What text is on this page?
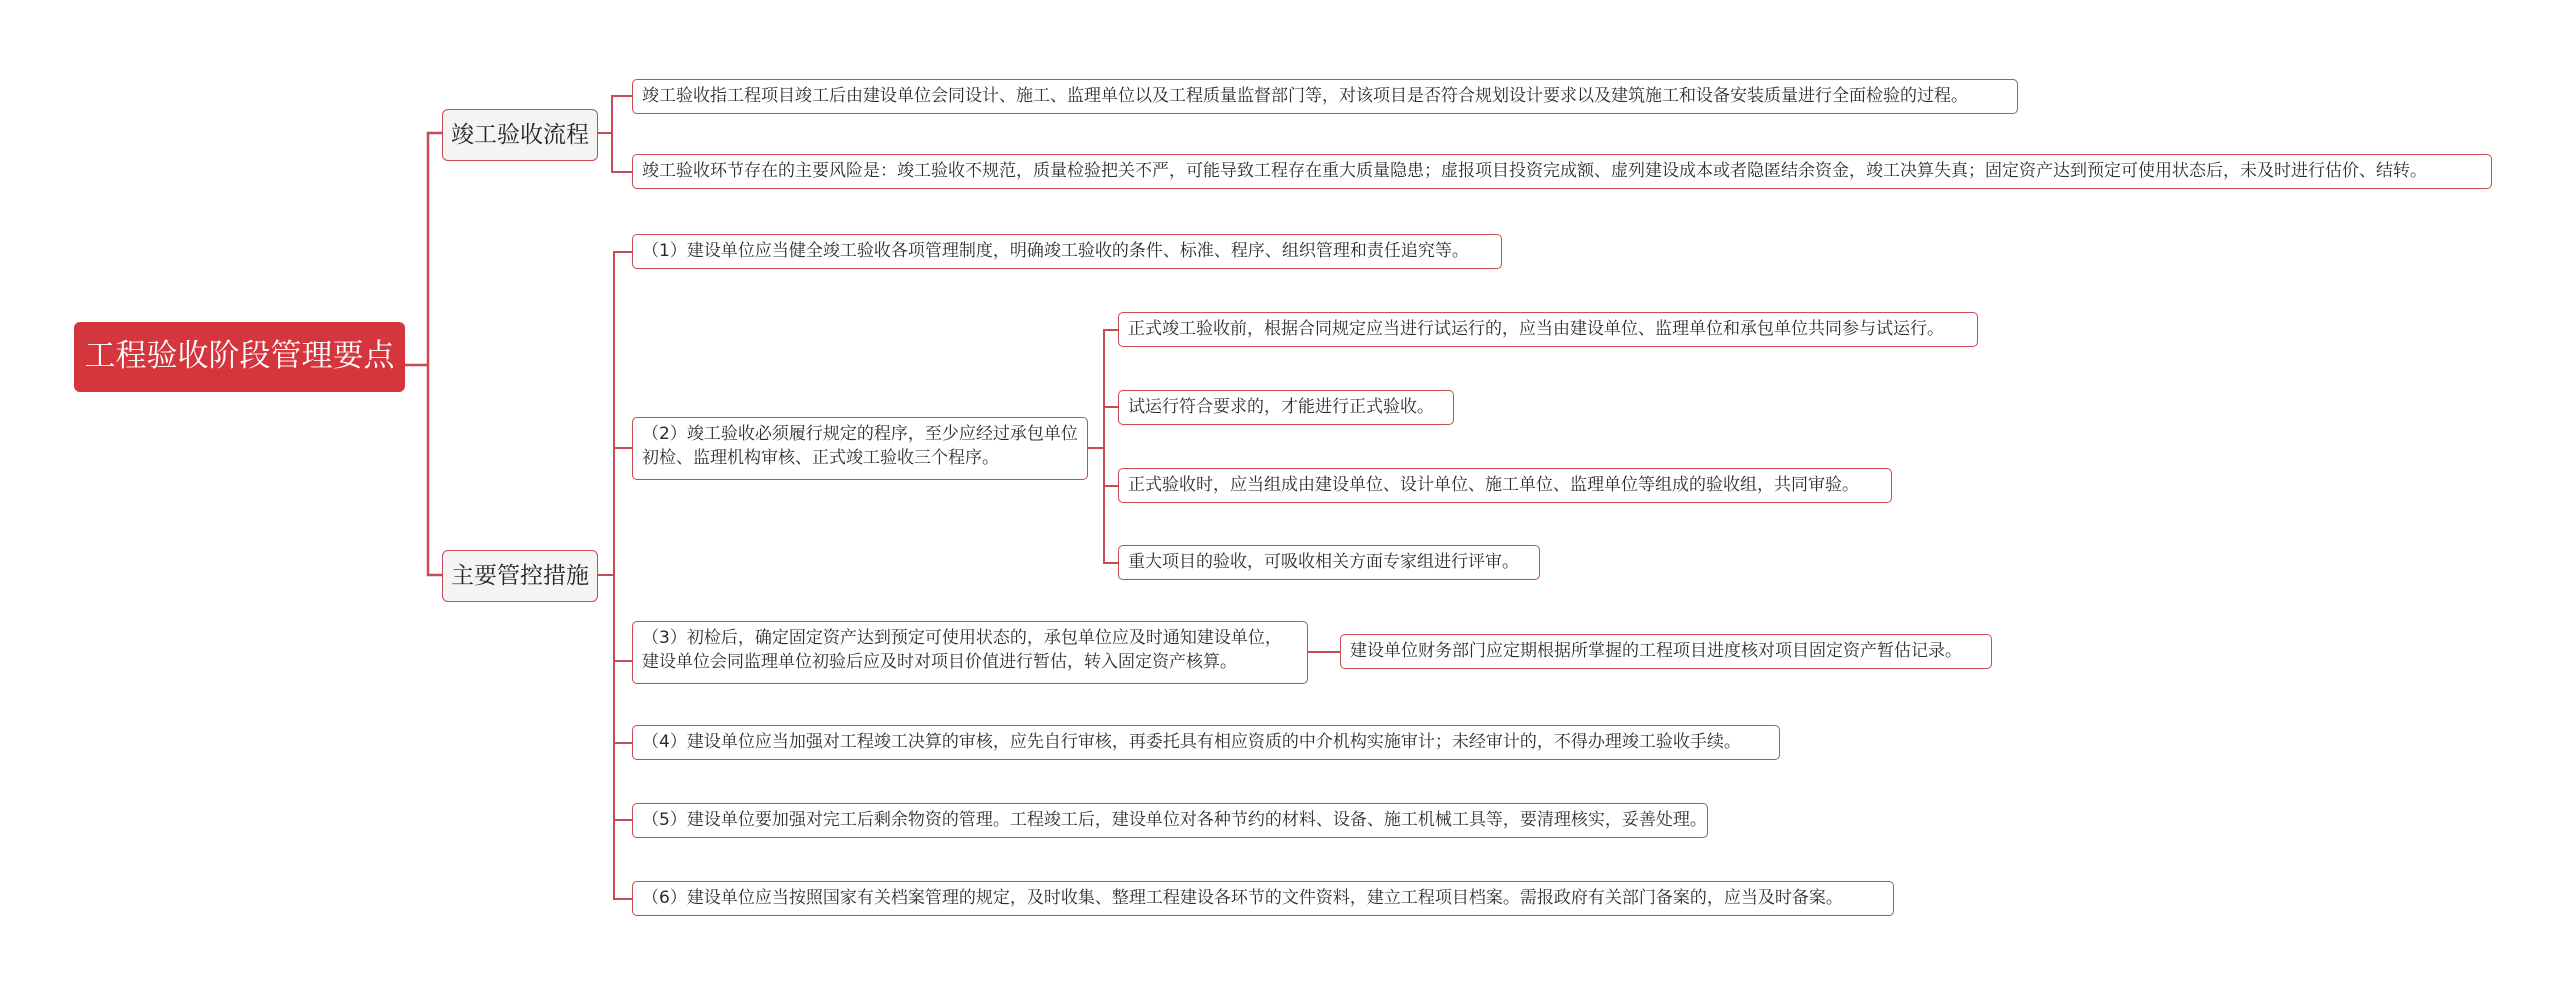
工程验收阶段管理要点
竣工验收流程
竣工验收指工程项目竣工后由建设单位会同设计、施工、监理单位以及工程质量监督部门等，对该项目是否符合规划设计要求以及建筑施工和设备安装质量进行全面检验的过程。
竣工验收环节存在的主要风险是：竣工验收不规范，质量检验把关不严，可能导致工程存在重大质量隐患；虚报项目投资完成额、虚列建设成本或者隐匿结余资金，竣工决算失真；固定资产达到预定可使用状态后，未及时进行估价、结转。
主要管控措施
（1）建设单位应当健全竣工验收各项管理制度，明确竣工验收的条件、标准、程序、组织管理和责任追究等。
（2）竣工验收必须履行规定的程序，至少应经过承包单位初检、监理机构审核、正式竣工验收三个程序。
正式竣工验收前，根据合同规定应当进行试运行的，应当由建设单位、监理单位和承包单位共同参与试运行。
试运行符合要求的，才能进行正式验收。
正式验收时，应当组成由建设单位、设计单位、施工单位、监理单位等组成的验收组，共同审验。
重大项目的验收，可吸收相关方面专家组进行评审。
（3）初检后，确定固定资产达到预定可使用状态的，承包单位应及时通知建设单位，建设单位会同监理单位初验后应及时对项目价值进行暂估，转入固定资产核算。
建设单位财务部门应定期根据所掌握的工程项目进度核对项目固定资产暂估记录。
（4）建设单位应当加强对工程竣工决算的审核，应先自行审核，再委托具有相应资质的中介机构实施审计；未经审计的，不得办理竣工验收手续。
（5）建设单位要加强对完工后剩余物资的管理。工程竣工后，建设单位对各种节约的材料、设备、施工机械工具等，要清理核实，妥善处理。
（6）建设单位应当按照国家有关档案管理的规定，及时收集、整理工程建设各环节的文件资料，建立工程项目档案。需报政府有关部门备案的，应当及时备案。
